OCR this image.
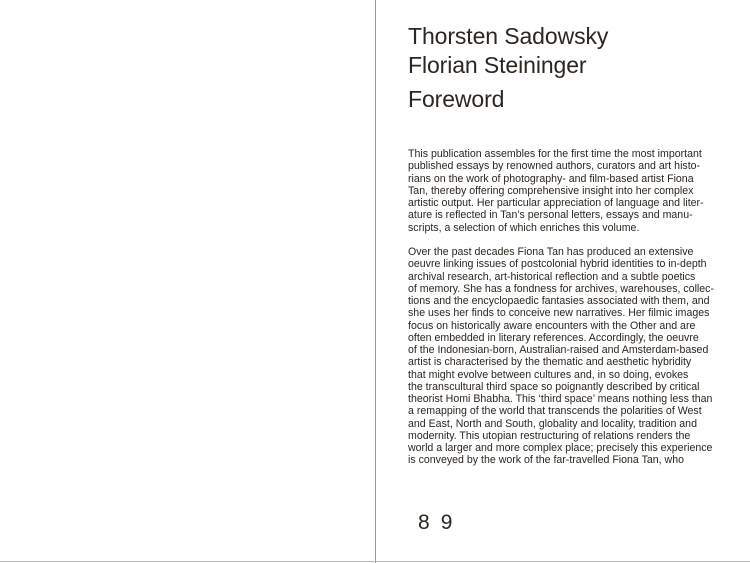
Thorsten Sadowsky
Florian Steininger
Foreword

This publication assembles for the first time the most important
published essays by renowned authors, curators and art histo-
rians on the work of photography- and film-based artist Fiona
Tan, thereby offering comprehensive insight into her complex
artistic output. Her particular appreciation of language and liter-
ature is reflected in Tan’s personal letters, essays and manu-
scripts, a selection of which enriches this volume.

Over the past decades Fiona Tan has produced an extensive
oeuvre linking issues of postcolonial hybrid identities to in-depth
archival research, art-historical reflection and a subtle poetics
of memory. She has a fondness for archives, warehouses, collec-
tions and the encyclopaedic fantasies associated with them, and
she uses her finds to conceive new narratives. Her filmic images
focus on historically aware encounters with the Other and are
often embedded in literary references. Accordingly, the oeuvre
of the Indonesian-born, Australian-raised and Amsterdam-based
artist is characterised by the thematic and aesthetic hybridity
that might evolve between cultures and, in so doing, evokes
the transcultural third space so poignantly described by critical
theorist Homi Bhabha. This ‘third space’ means nothing less than
a remapping of the world that transcends the polarities of West
and East, North and South, globality and locality, tradition and
modernity. This utopian restructuring of relations renders the
world a larger and more complex place; precisely this experience
is conveyed by the work of the far-travelled Fiona Tan, who

8 9
